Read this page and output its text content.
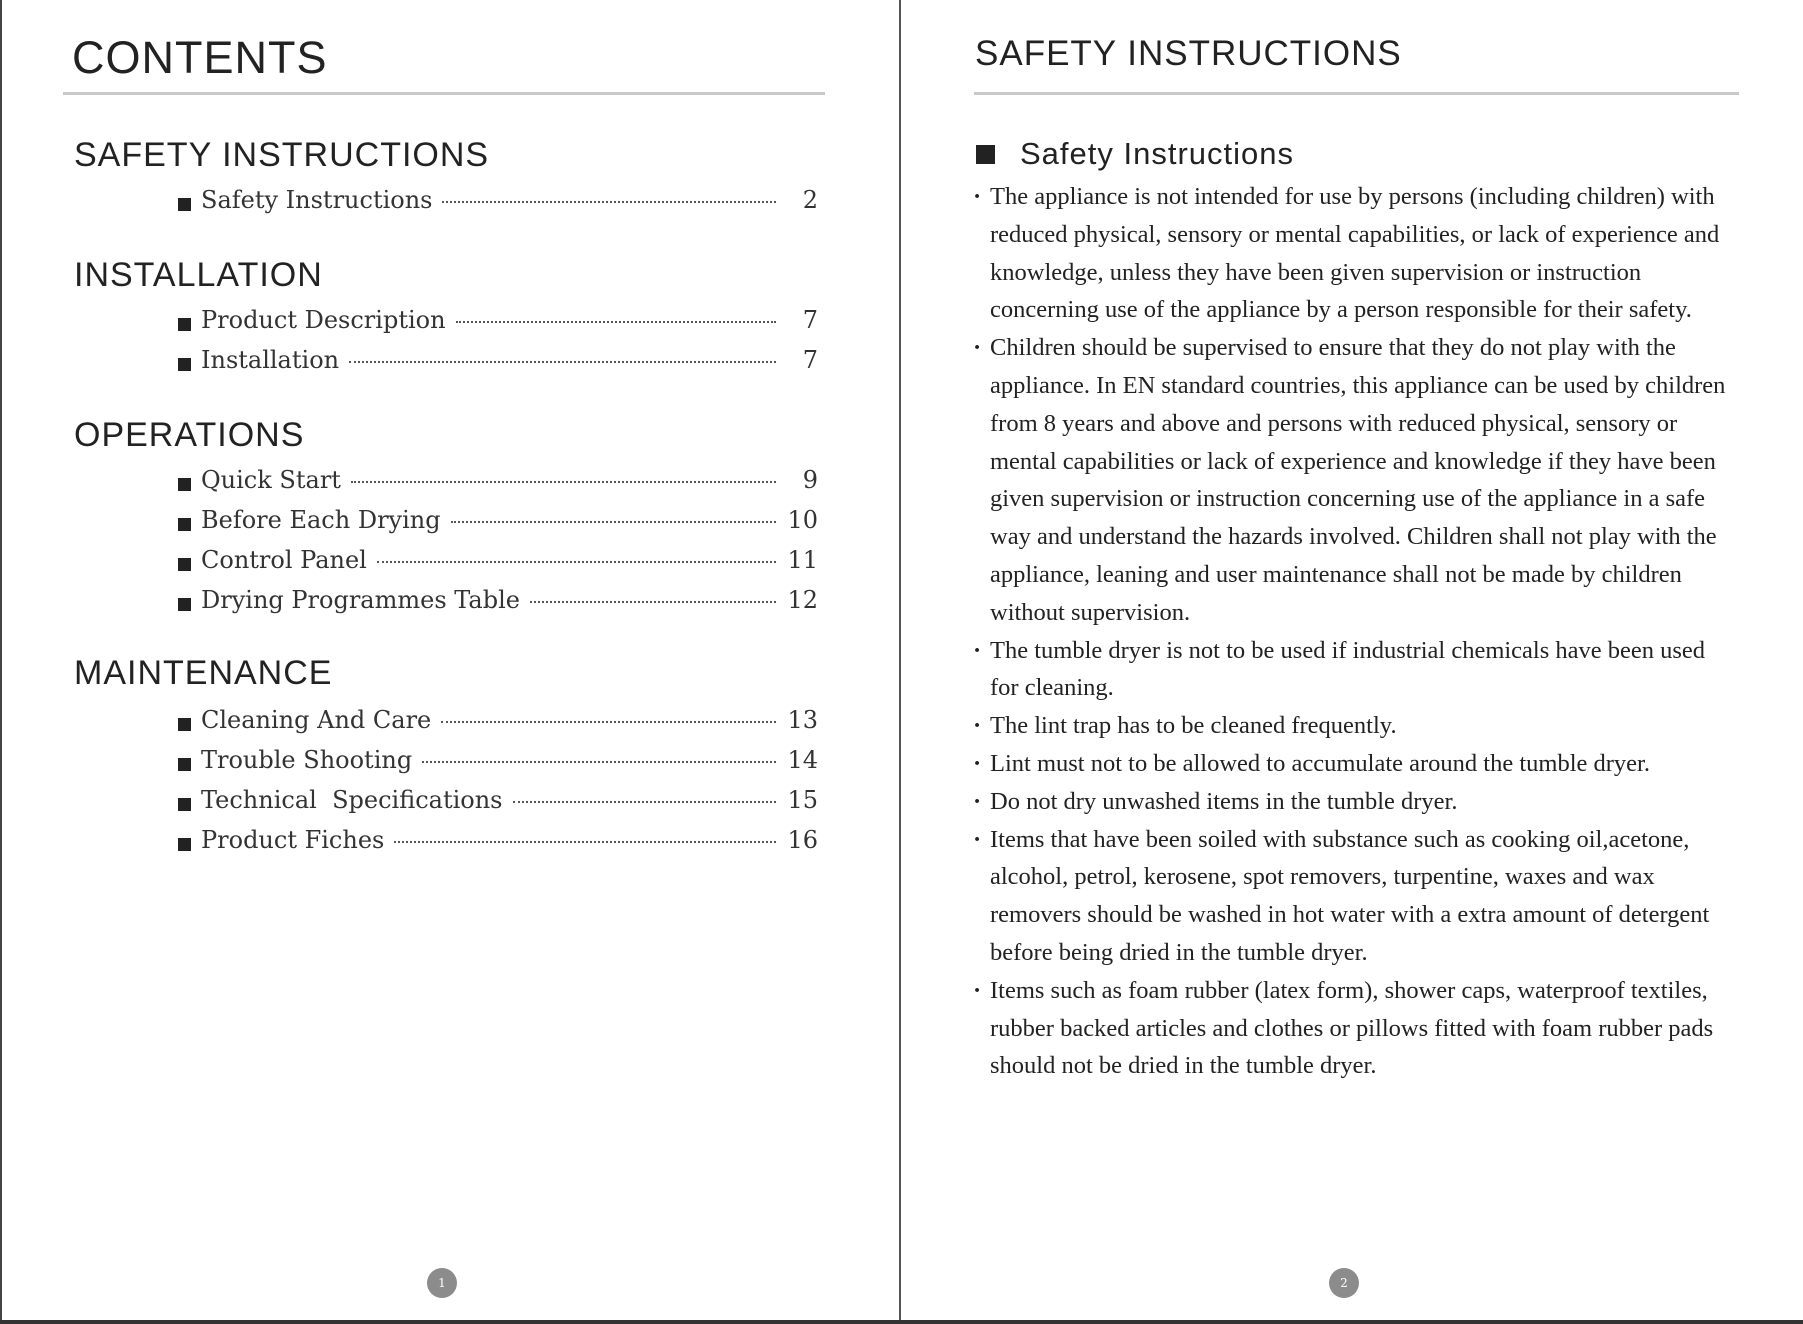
CONTENTS
SAFETY INSTRUCTIONS
Safety Instructions	2
INSTALLATION
Product Description	7
Installation	7
OPERATIONS
Quick Start	9
Before Each Drying	10
Control Panel	11
Drying Programmes Table	12
MAINTENANCE
Cleaning And Care	13
Trouble Shooting	14
Technical  Specifications	15
Product Fiches	16
1
SAFETY INSTRUCTIONS
Safety Instructions
· The appliance is not intended for use by persons (including children) with reduced physical, sensory or mental capabilities, or lack of experience and knowledge, unless they have been given supervision or instruction concerning use of the appliance by a person responsible for their safety.
· Children should be supervised to ensure that they do not play with the appliance. In EN standard countries, this appliance can be used by children from 8 years and above and persons with reduced physical, sensory or mental capabilities or lack of experience and knowledge if they have been given supervision or instruction concerning use of the appliance in a safe way and understand the hazards involved. Children shall not play with the appliance, leaning and user maintenance shall not be made by children without supervision.
· The tumble dryer is not to be used if industrial chemicals have been used for cleaning.
· The lint trap has to be cleaned frequently.
· Lint must not to be allowed to accumulate around the tumble dryer.
· Do not dry unwashed items in the tumble dryer.
· Items that have been soiled with substance such as cooking oil,acetone, alcohol, petrol, kerosene, spot removers, turpentine, waxes and wax removers should be washed in hot water with a extra amount of detergent before being dried in the tumble dryer.
· Items such as foam rubber (latex form), shower caps, waterproof textiles, rubber backed articles and clothes or pillows fitted with foam rubber pads should not be dried in the tumble dryer.
2
